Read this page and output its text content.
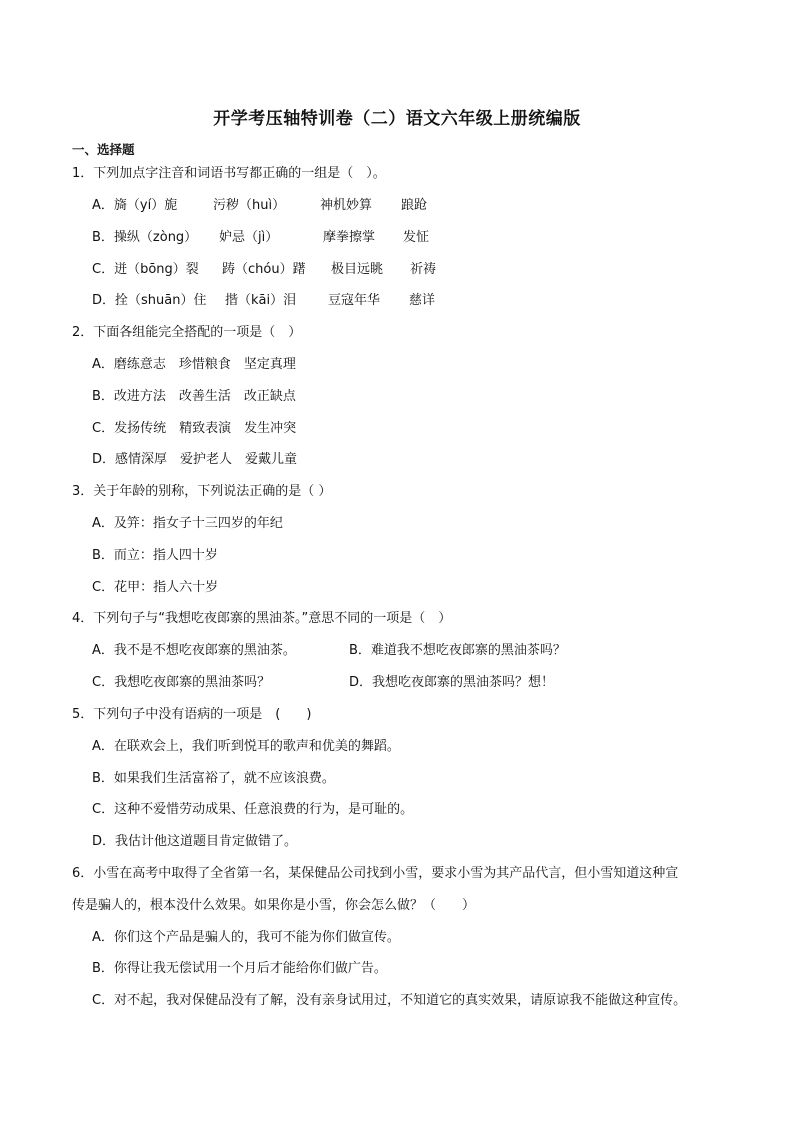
开学考压轴特训卷（二）语文六年级上册统编版
一、选择题
1．下列加点字注音和词语书写都正确的一组是（　）。
A．旖（yí）旎	污秽（huì）	神机妙算 踉跄
B．操纵（zòng） 妒忌（jì）	摩拳擦掌 发怔
C．迸（bōng）裂 踌（chóu）躇 极目远眺 祈祷
D．拴（shuān）住 揩（kāi）泪 豆寇年华 慈详
2．下面各组能完全搭配的一项是（　）
A．磨练意志　珍惜粮食　坚定真理
B．改进方法　改善生活　改正缺点
C．发扬传统　精致表演　发生冲突
D．感情深厚　爱护老人　爱戴儿童
3．关于年龄的别称，下列说法正确的是（ ）
A．及笄：指女子十三四岁的年纪
B．而立：指人四十岁
C．花甲：指人六十岁
4．下列句子与“我想吃夜郎寨的黑油茶。”意思不同的一项是（　）
A．我不是不想吃夜郎寨的黑油茶。	B．难道我不想吃夜郎寨的黑油茶吗？
C．我想吃夜郎寨的黑油茶吗？	D．我想吃夜郎寨的黑油茶吗？想！
5．下列句子中没有语病的一项是　(　　)
A．在联欢会上，我们听到悦耳的歌声和优美的舞蹈。
B．如果我们生活富裕了，就不应该浪费。
C．这种不爱惜劳动成果、任意浪费的行为，是可耻的。
D．我估计他这道题目肯定做错了。
6．小雪在高考中取得了全省第一名，某保健品公司找到小雪，要求小雪为其产品代言，但小雪知道这种宣
传是骗人的，根本没什么效果。如果你是小雪，你会怎么做？（　　）
A．你们这个产品是骗人的，我可不能为你们做宣传。
B．你得让我无偿试用一个月后才能给你们做广告。
C．对不起，我对保健品没有了解，没有亲身试用过，不知道它的真实效果，请原谅我不能做这种宣传。
